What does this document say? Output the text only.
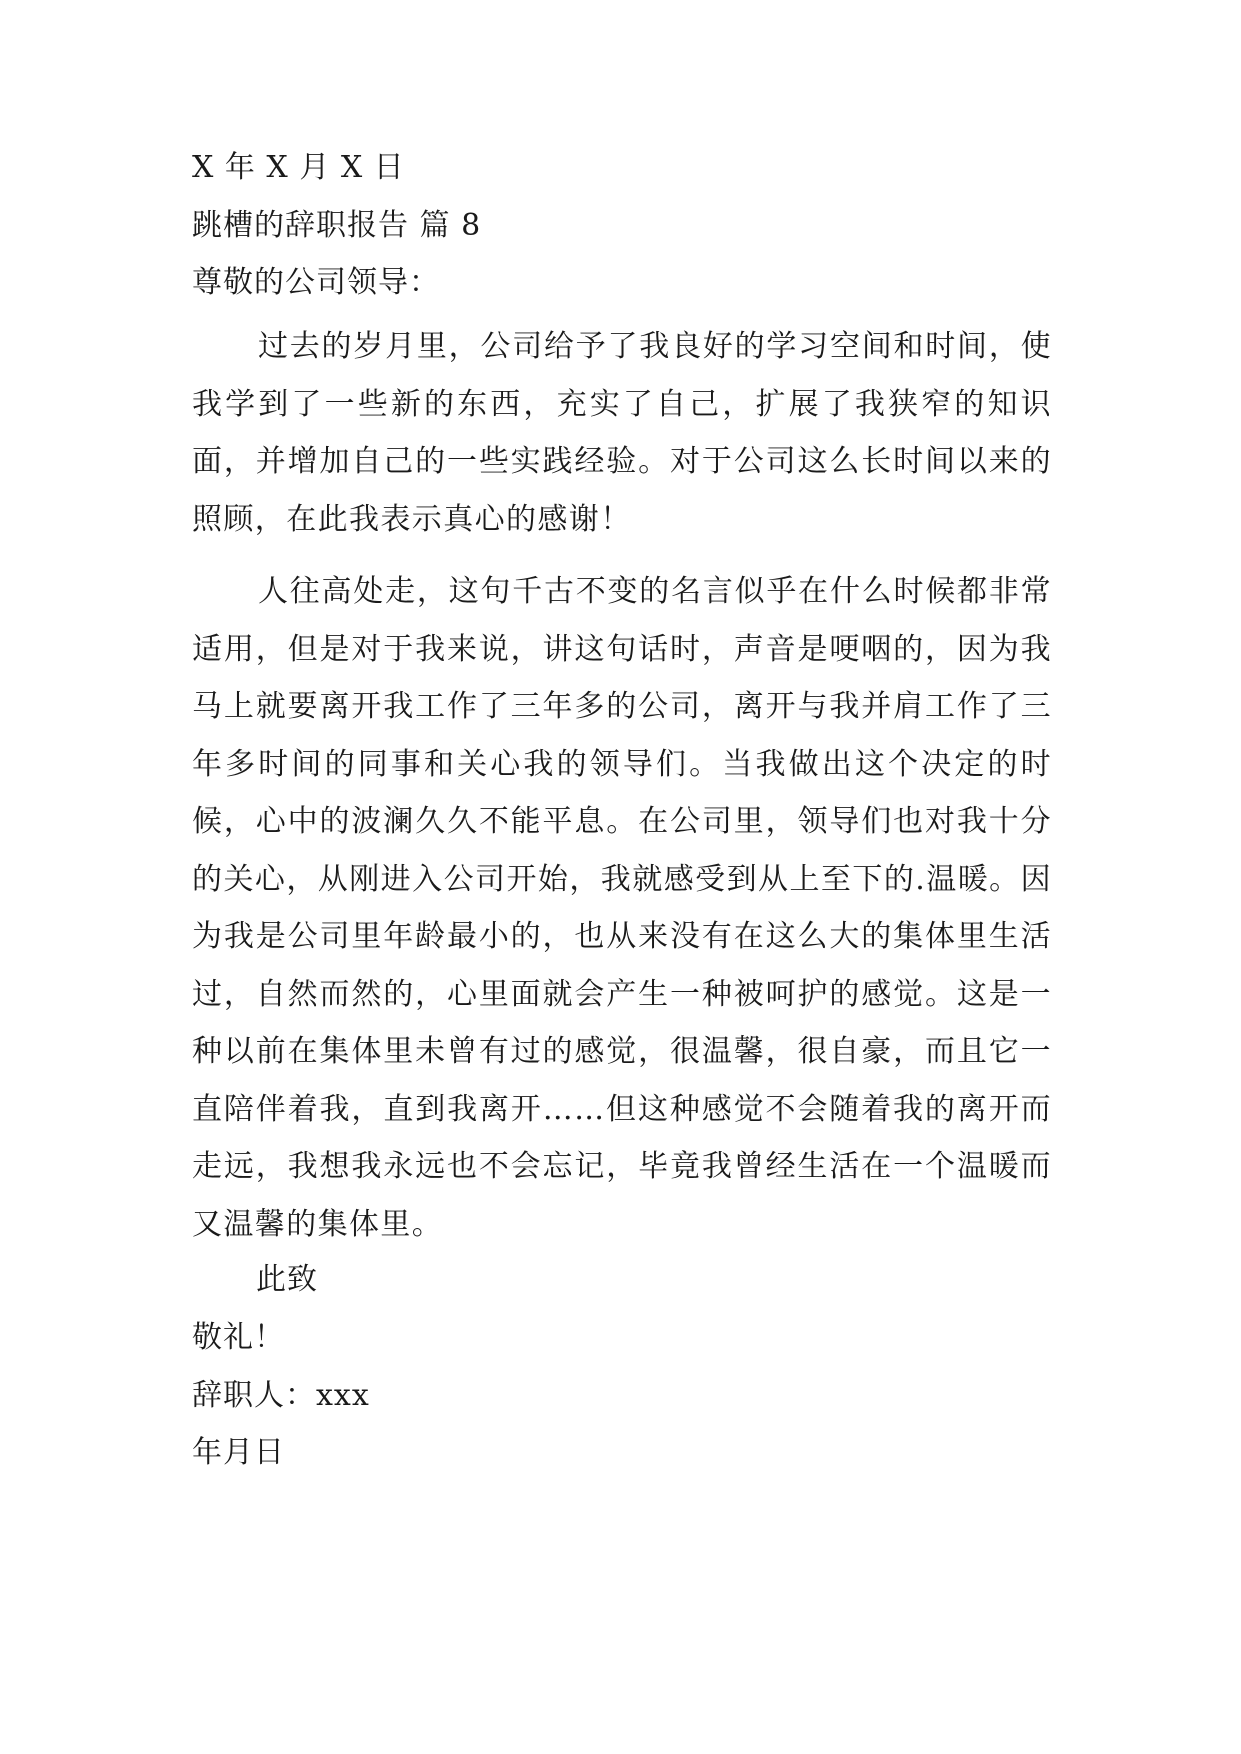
X 年 X 月 X 日
跳槽的辞职报告 篇 8
尊敬的公司领导：
过去的岁月里，公司给予了我良好的学习空间和时间，使我学到了一些新的东西，充实了自己，扩展了我狭窄的知识面，并增加自己的一些实践经验。对于公司这么长时间以来的照顾，在此我表示真心的感谢！
人往高处走，这句千古不变的名言似乎在什么时候都非常适用，但是对于我来说，讲这句话时，声音是哽咽的，因为我马上就要离开我工作了三年多的公司，离开与我并肩工作了三年多时间的同事和关心我的领导们。当我做出这个决定的时候，心中的波澜久久不能平息。在公司里，领导们也对我十分的关心，从刚进入公司开始，我就感受到从上至下的.温暖。因为我是公司里年龄最小的，也从来没有在这么大的集体里生活过，自然而然的，心里面就会产生一种被呵护的感觉。这是一种以前在集体里未曾有过的感觉，很温馨，很自豪，而且它一直陪伴着我，直到我离开……但这种感觉不会随着我的离开而走远，我想我永远也不会忘记，毕竟我曾经生活在一个温暖而又温馨的集体里。
此致
敬礼！
辞职人：xxx
年月日
